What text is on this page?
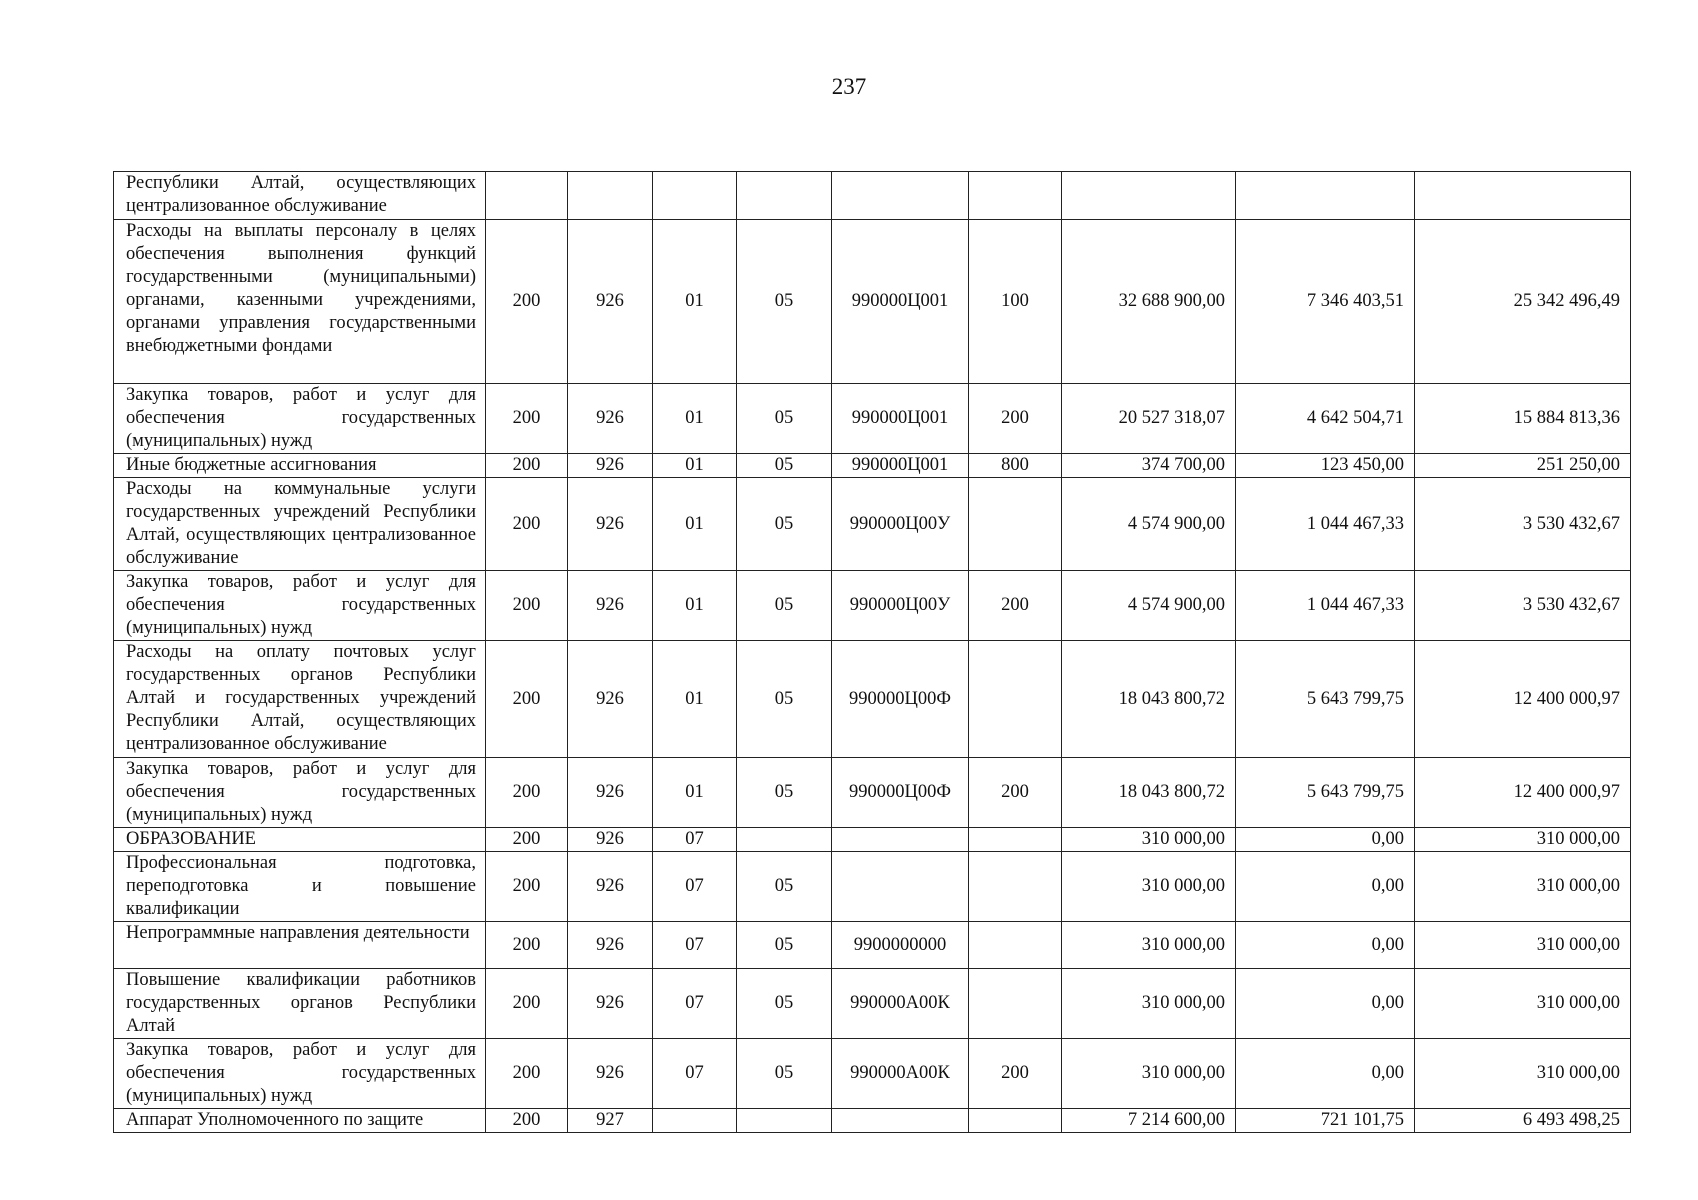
237
Республики Алтай, осуществляющих централизованное обслуживание									
Расходы на выплаты персоналу в целях обеспечения выполнения функций государственными (муниципальными) органами, казенными учреждениями, органами управления государственными внебюджетными фондами	200	926	01	05	990000Ц001	100	32 688 900,00	7 346 403,51	25 342 496,49
Закупка товаров, работ и услуг для обеспечения государственных (муниципальных) нужд	200	926	01	05	990000Ц001	200	20 527 318,07	4 642 504,71	15 884 813,36
Иные бюджетные ассигнования	200	926	01	05	990000Ц001	800	374 700,00	123 450,00	251 250,00
Расходы на коммунальные услуги государственных учреждений Республики Алтай, осуществляющих централизованное обслуживание	200	926	01	05	990000Ц00У		4 574 900,00	1 044 467,33	3 530 432,67
Закупка товаров, работ и услуг для обеспечения государственных (муниципальных) нужд	200	926	01	05	990000Ц00У	200	4 574 900,00	1 044 467,33	3 530 432,67
Расходы на оплату почтовых услуг государственных органов Республики Алтай и государственных учреждений Республики Алтай, осуществляющих централизованное обслуживание	200	926	01	05	990000Ц00Ф		18 043 800,72	5 643 799,75	12 400 000,97
Закупка товаров, работ и услуг для обеспечения государственных (муниципальных) нужд	200	926	01	05	990000Ц00Ф	200	18 043 800,72	5 643 799,75	12 400 000,97
ОБРАЗОВАНИЕ	200	926	07				310 000,00	0,00	310 000,00
Профессиональная подготовка, переподготовка и повышение квалификации	200	926	07	05			310 000,00	0,00	310 000,00
Непрограммные направления деятельности	200	926	07	05	9900000000		310 000,00	0,00	310 000,00
Повышение квалификации работников государственных органов Республики Алтай	200	926	07	05	990000А00К		310 000,00	0,00	310 000,00
Закупка товаров, работ и услуг для обеспечения государственных (муниципальных) нужд	200	926	07	05	990000А00К	200	310 000,00	0,00	310 000,00
Аппарат Уполномоченного по защите	200	927					7 214 600,00	721 101,75	6 493 498,25
